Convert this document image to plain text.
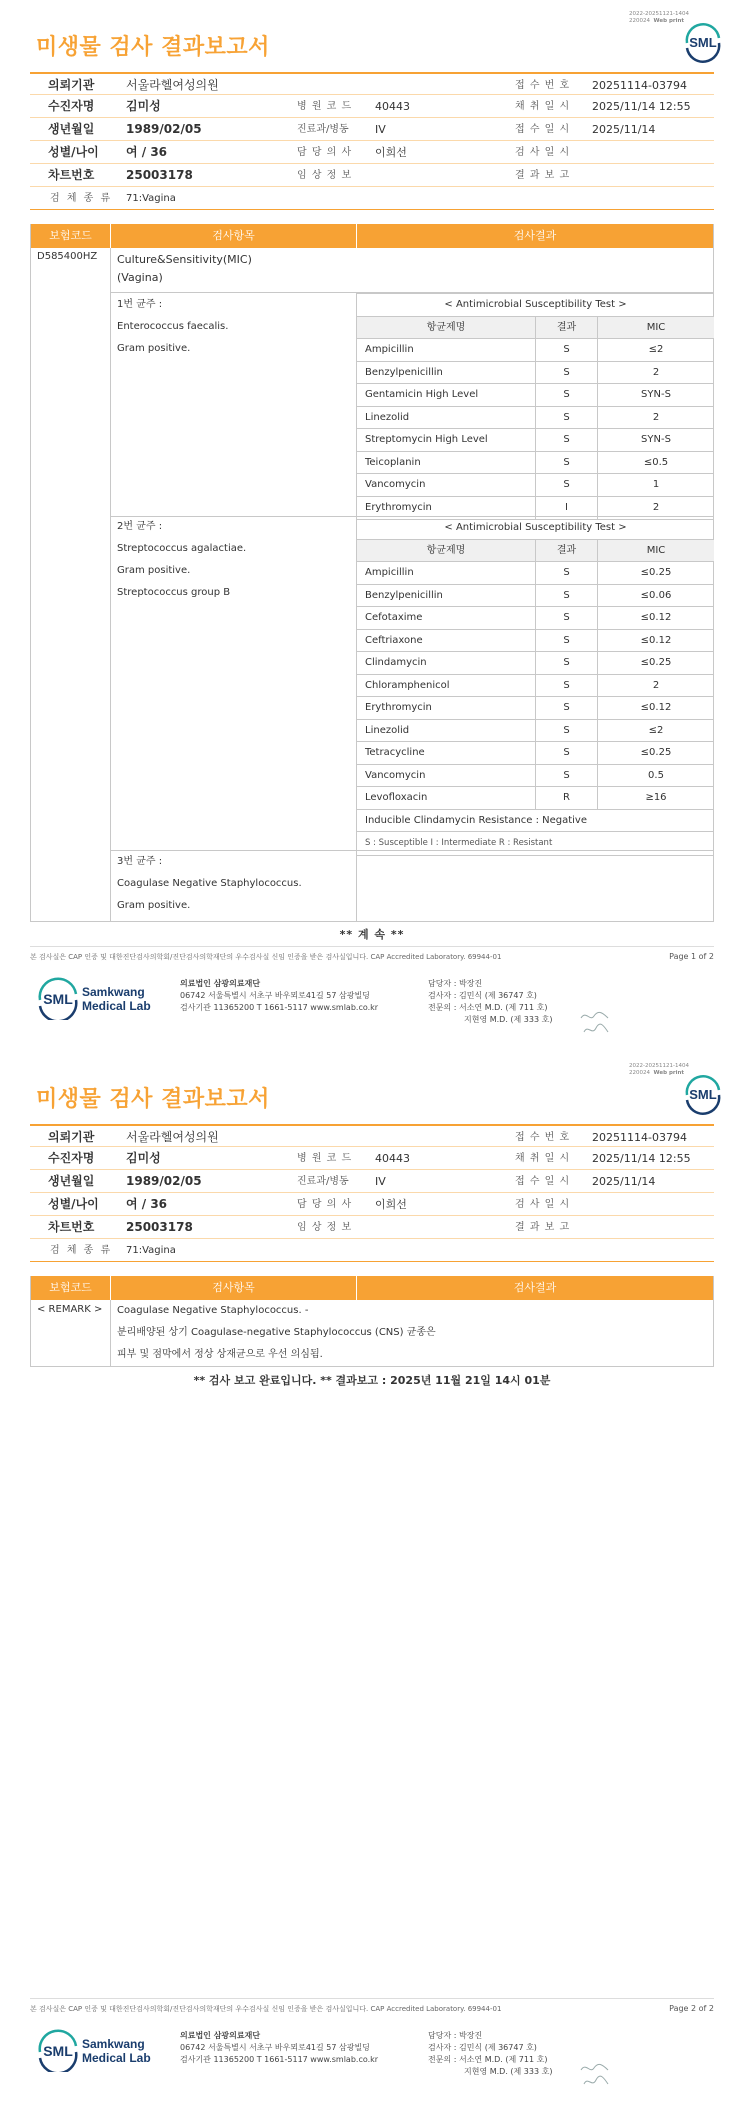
2022-20251121-1404
220024 Web print
SML
미생물 검사 결과보고서
의뢰기관	서울라헬여성의원	접 수 번 호 20251114-03794
수진자명	김미성	병 원 코 드 40443	채 취 일 시 2025/11/14 12:55
생년월일	1989/02/05	진료과/병동 IV	접 수 일 시 2025/11/14
성별/나이 여 / 36	담 당 의 사 이희선	검 사 일 시
차트번호	25003178	임 상 정 보	결 과 보 고
검 체 종 류 71:Vagina
보험코드	검사항목	검사결과
D585400HZ Culture&Sensitivity(MIC)
(Vagina)
1번 균주 :
Enterococcus faecalis.
Gram positive.
< Antimicrobial Susceptibility Test >
항균제명	결과	MIC
Ampicillin	S	≤2
Benzylpenicillin	S	2
Gentamicin High Level	S	SYN-S
Linezolid	S	2
Streptomycin High Level	S	SYN-S
Teicoplanin	S	≤0.5
Vancomycin	S	1
Erythromycin	I	2
2번 균주 :
Streptococcus agalactiae.
Gram positive.
Streptococcus group B
< Antimicrobial Susceptibility Test >
항균제명	결과	MIC
Ampicillin	S	≤0.25
Benzylpenicillin	S	≤0.06
Cefotaxime	S	≤0.12
Ceftriaxone	S	≤0.12
Clindamycin	S	≤0.25
Chloramphenicol	S	2
Erythromycin	S	≤0.12
Linezolid	S	≤2
Tetracycline	S	≤0.25
Vancomycin	S	0.5
Levofloxacin	R	≥16
Inducible Clindamycin Resistance : Negative
S : Susceptible I : Intermediate R : Resistant
3번 균주 :
Coagulase Negative Staphylococcus.
Gram positive.
** 계 속 **
본 검사실은 CAP 인증 및 대한진단검사의학회/진단검사의학재단의 우수검사실 신임 인증을 받은 검사실입니다. CAP Accredited Laboratory. 69944-01	Page 1 of 2
SML Samkwang
Medical Lab
의료법인 삼광의료재단
06742 서울특별시 서초구 바우뫼로41길 57 삼광빌딩
검사기관 11365200 T 1661-5117 www.smlab.co.kr
담당자 : 박장진
검사자 : 김민식 (제 36747 호)
전문의 : 서소연 M.D. (제 711 호)
지현영 M.D. (제 333 호)
2022-20251121-1404
220024 Web print
SML
미생물 검사 결과보고서
의뢰기관	서울라헬여성의원	접 수 번 호 20251114-03794
수진자명	김미성	병 원 코 드 40443	채 취 일 시 2025/11/14 12:55
생년월일	1989/02/05	진료과/병동 IV	접 수 일 시 2025/11/14
성별/나이 여 / 36	담 당 의 사 이희선	검 사 일 시
차트번호	25003178	임 상 정 보	결 과 보 고
검 체 종 류 71:Vagina
보험코드	검사항목	검사결과
< REMARK > Coagulase Negative Staphylococcus. -
분리배양된 상기 Coagulase-negative Staphylococcus (CNS) 균종은
피부 및 점막에서 정상 상재균으로 우선 의심됨.
** 검사 보고 완료입니다. ** 결과보고 : 2025년 11월 21일 14시 01분
본 검사실은 CAP 인증 및 대한진단검사의학회/진단검사의학재단의 우수검사실 신임 인증을 받은 검사실입니다. CAP Accredited Laboratory. 69944-01	Page 2 of 2
SML Samkwang
Medical Lab
의료법인 삼광의료재단
06742 서울특별시 서초구 바우뫼로41길 57 삼광빌딩
검사기관 11365200 T 1661-5117 www.smlab.co.kr
담당자 : 박장진
검사자 : 김민식 (제 36747 호)
전문의 : 서소연 M.D. (제 711 호)
지현영 M.D. (제 333 호)
